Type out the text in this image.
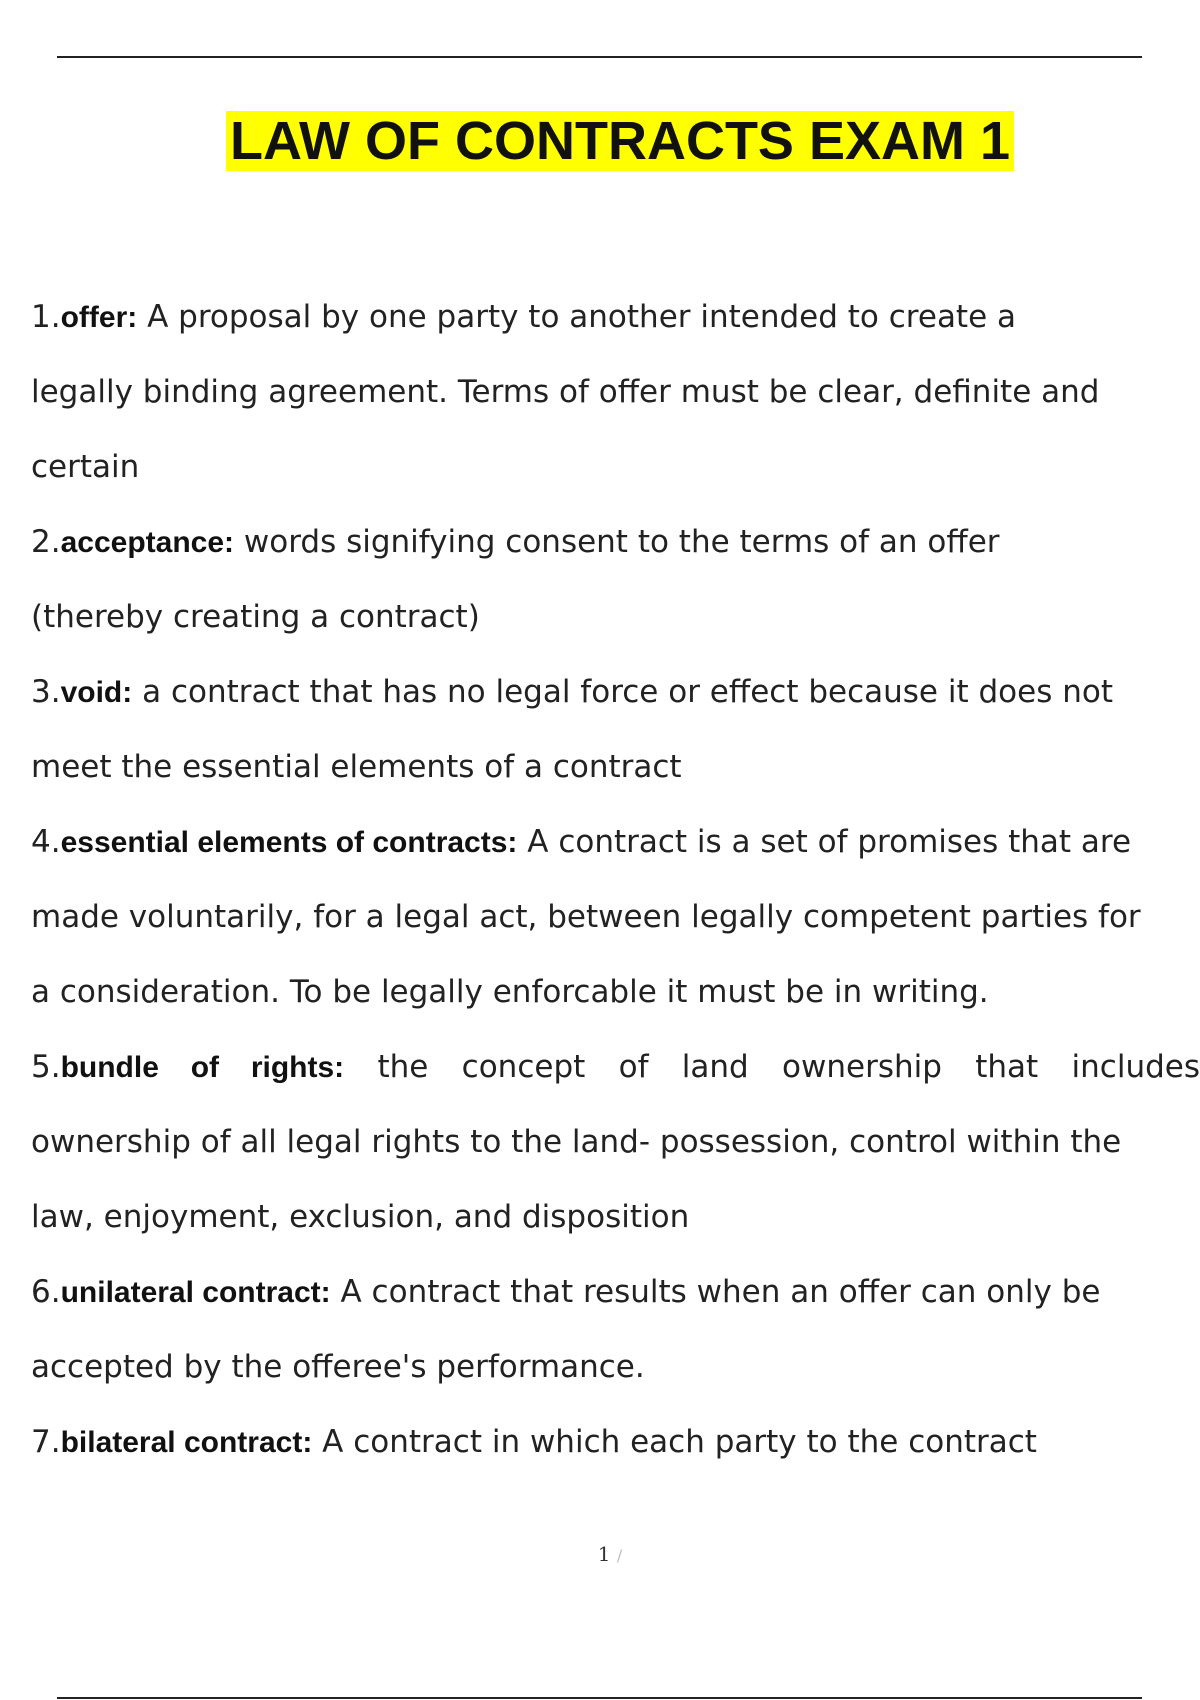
LAW OF CONTRACTS EXAM 1
1.offer: A proposal by one party to another intended to create a
legally binding agreement. Terms of offer must be clear, definite and
certain
2.acceptance: words signifying consent to the terms of an offer
(thereby creating a contract)
3.void: a contract that has no legal force or effect because it does not
meet the essential elements of a contract
4.essential elements of contracts: A contract is a set of promises that are
made voluntarily, for a legal act, between legally competent parties for
a consideration. To be legally enforcable it must be in writing.
5.bundle of rights: the concept of land ownership that includes
ownership of all legal rights to the land- possession, control within the
law, enjoyment, exclusion, and disposition
6.unilateral contract: A contract that results when an offer can only be
accepted by the offeree's performance.
7.bilateral contract: A contract in which each party to the contract
1 /
